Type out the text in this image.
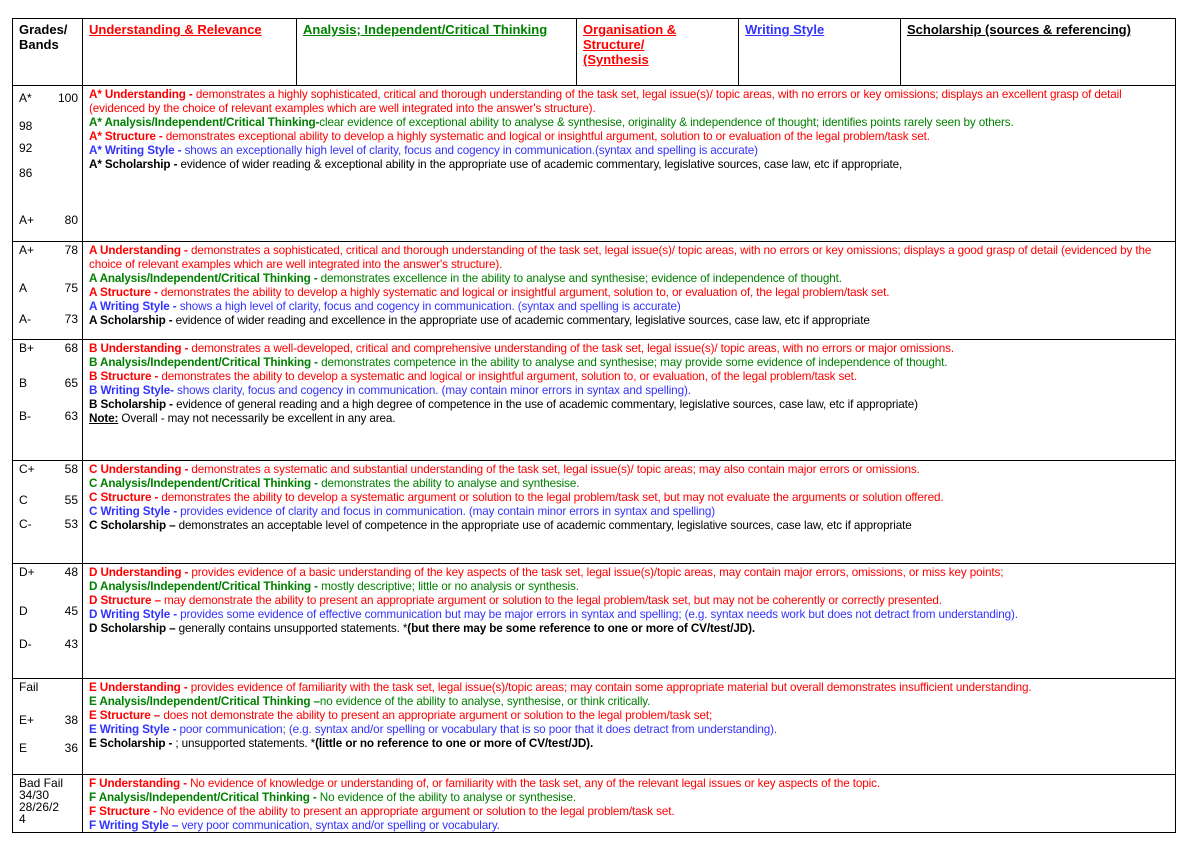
Grades/
Bands
Understanding & Relevance	Analysis; Independent/Critical Thinking	Organisation &
Structure/
(Synthesis
Writing Style	Scholarship (sources & referencing)
A* 100
98
92
86
A+	80
A* Understanding - demonstrates a highly sophisticated, critical and thorough understanding of the task set, legal issue(s)/ topic areas, with no errors or key omissions; displays an excellent grasp of detail (evidenced by the choice of relevant examples which are well integrated into the answer's structure).
A* Analysis/Independent/Critical Thinking-clear evidence of exceptional ability to analyse & synthesise, originality & independence of thought; identifies points rarely seen by others.
A* Structure - demonstrates exceptional ability to develop a highly systematic and logical or insightful argument, solution to or evaluation of the legal problem/task set.
A* Writing Style - shows an exceptionally high level of clarity, focus and cogency in communication.(syntax and spelling is accurate)
A* Scholarship - evidence of wider reading & exceptional ability in the appropriate use of academic commentary, legislative sources, case law, etc if appropriate,
A+	78
A	75
A-	73
A Understanding - demonstrates a sophisticated, critical and thorough understanding of the task set, legal issue(s)/ topic areas, with no errors or key omissions; displays a good grasp of detail (evidenced by the choice of relevant examples which are well integrated into the answer's structure).
A Analysis/Independent/Critical Thinking - demonstrates excellence in the ability to analyse and synthesise; evidence of independence of thought.
A Structure - demonstrates the ability to develop a highly systematic and logical or insightful argument, solution to, or evaluation of, the legal problem/task set.
A Writing Style - shows a high level of clarity, focus and cogency in communication. (syntax and spelling is accurate)
A Scholarship - evidence of wider reading and excellence in the appropriate use of academic commentary, legislative sources, case law, etc if appropriate
B+	68
B	65
B-	63
B Understanding - demonstrates a well-developed, critical and comprehensive understanding of the task set, legal issue(s)/ topic areas, with no errors or major omissions.
B Analysis/Independent/Critical Thinking - demonstrates competence in the ability to analyse and synthesise; may provide some evidence of independence of thought.
B Structure - demonstrates the ability to develop a systematic and logical or insightful argument, solution to, or evaluation, of the legal problem/task set.
B Writing Style- shows clarity, focus and cogency in communication. (may contain minor errors in syntax and spelling).
B Scholarship - evidence of general reading and a high degree of competence in the use of academic commentary, legislative sources, case law, etc if appropriate)
Note: Overall - may not necessarily be excellent in any area.
C+ 58
C	55
C-	53
C Understanding - demonstrates a systematic and substantial understanding of the task set, legal issue(s)/ topic areas; may also contain major errors or omissions.
C Analysis/Independent/Critical Thinking - demonstrates the ability to analyse and synthesise.
C Structure - demonstrates the ability to develop a systematic argument or solution to the legal problem/task set, but may not evaluate the arguments or solution offered.
C Writing Style - provides evidence of clarity and focus in communication. (may contain minor errors in syntax and spelling)
C Scholarship – demonstrates an acceptable level of competence in the appropriate use of academic commentary, legislative sources, case law, etc if appropriate
D+ 48
D	45
D-	43
D Understanding - provides evidence of a basic understanding of the key aspects of the task set, legal issue(s)/topic areas, may contain major errors, omissions, or miss key points;
D Analysis/Independent/Critical Thinking - mostly descriptive; little or no analysis or synthesis.
D Structure – may demonstrate the ability to present an appropriate argument or solution to the legal problem/task set, but may not be coherently or correctly presented.
D Writing Style - provides some evidence of effective communication but may be major errors in syntax and spelling; (e.g. syntax needs work but does not detract from understanding).
D Scholarship – generally contains unsupported statements. *(but there may be some reference to one or more of CV/test/JD).
Fail
E+	38
E	36
E Understanding - provides evidence of familiarity with the task set, legal issue(s)/topic areas; may contain some appropriate material but overall demonstrates insufficient understanding.
E Analysis/Independent/Critical Thinking –no evidence of the ability to analyse, synthesise, or think critically.
E Structure – does not demonstrate the ability to present an appropriate argument or solution to the legal problem/task set;
E Writing Style - poor communication; (e.g. syntax and/or spelling or vocabulary that is so poor that it does detract from understanding).
E Scholarship - ; unsupported statements. *(little or no reference to one or more of CV/test/JD).
Bad Fail
34/30
28/26/2
4
F Understanding - No evidence of knowledge or understanding of, or familiarity with the task set, any of the relevant legal issues or key aspects of the topic.
F Analysis/Independent/Critical Thinking - No evidence of the ability to analyse or synthesise.
F Structure - No evidence of the ability to present an appropriate argument or solution to the legal problem/task set.
F Writing Style – very poor communication, syntax and/or spelling or vocabulary.
